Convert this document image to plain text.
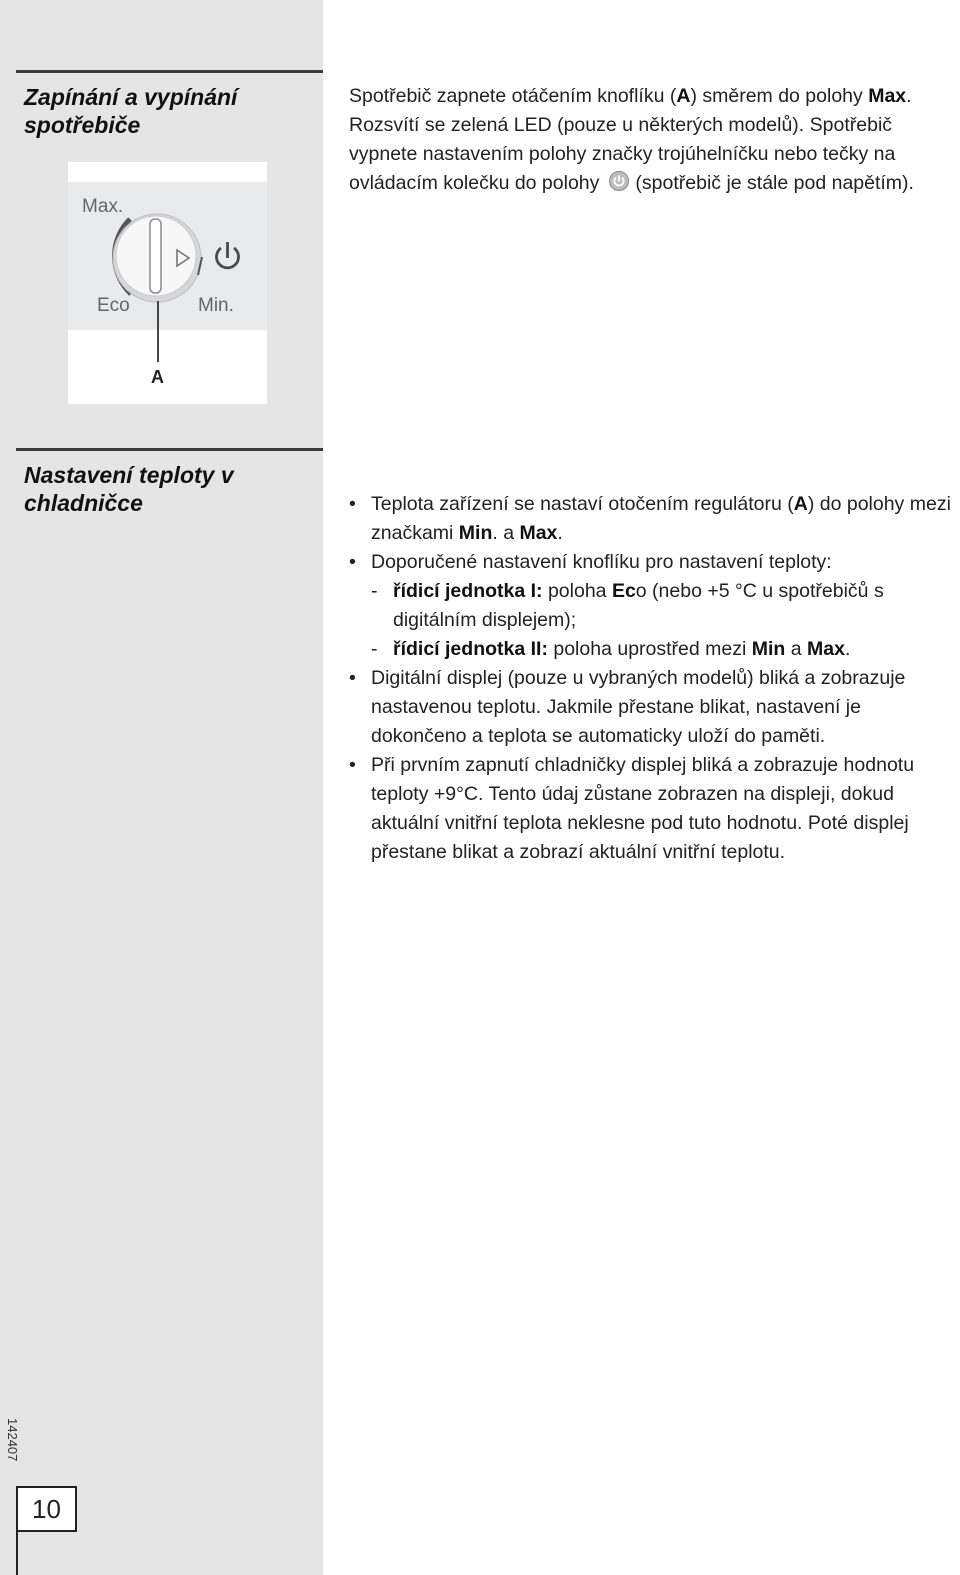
Zapínání a vypínání spotřebiče
Max.
Eco	Min.
A

Spotřebič zapnete otáčením knoflíku (A) směrem do polohy Max. Rozsvítí se zelená LED (pouze u některých modelů). Spotřebič vypnete nastavením polohy značky trojúhelníčku nebo tečky na ovládacím kolečku do polohy (spotřebič je stále pod napětím).

Nastavení teploty v chladničce	• Teplota zařízení se nastaví otočením regulátoru (A) do polohy mezi značkami Min. a Max.
• Doporučené nastavení knoflíku pro nastavení teploty:
- řídicí jednotka I: poloha Eco (nebo +5 °C u spotřebičů s digitálním displejem);
- řídicí jednotka II: poloha uprostřed mezi Min a Max.
• Digitální displej (pouze u vybraných modelů) bliká a zobrazuje nastavenou teplotu. Jakmile přestane blikat, nastavení je dokončeno a teplota se automaticky uloží do paměti.
• Při prvním zapnutí chladničky displej bliká a zobrazuje hodnotu teploty +9°C. Tento údaj zůstane zobrazen na displeji, dokud aktuální vnitřní teplota neklesne pod tuto hodnotu. Poté displej přestane blikat a zobrazí aktuální vnitřní teplotu.
142407
10
